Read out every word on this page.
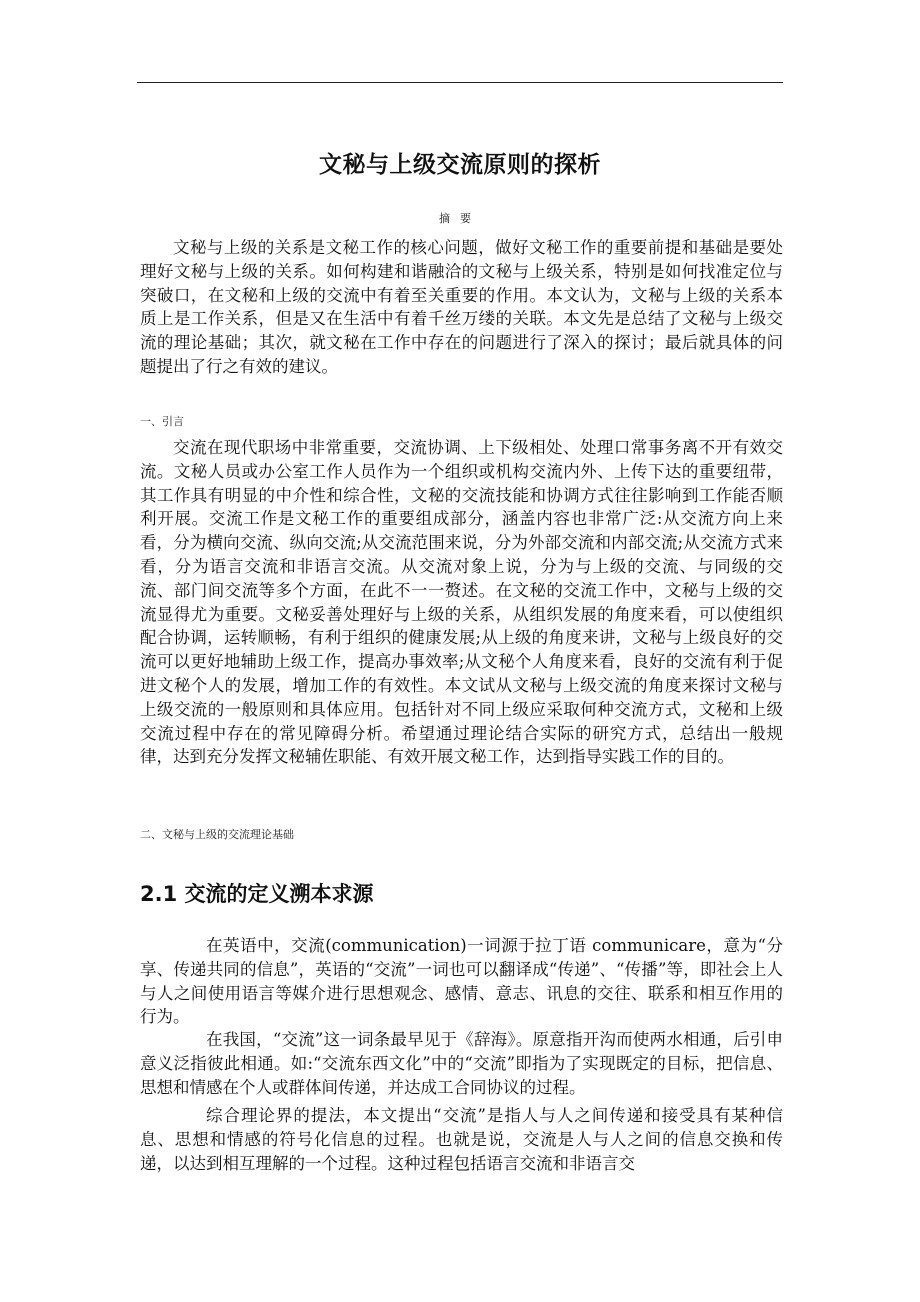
文秘与上级交流原则的探析
摘要

文秘与上级的关系是文秘工作的核心问题，做好文秘工作的重要前提和基础是要处理好文秘与上级的关系。如何构建和谐融洽的文秘与上级关系，特别是如何找准定位与突破口，在文秘和上级的交流中有着至关重要的作用。本文认为，文秘与上级的关系本质上是工作关系，但是又在生活中有着千丝万缕的关联。本文先是总结了文秘与上级交流的理论基础；其次，就文秘在工作中存在的问题进行了深入的探讨；最后就具体的问题提出了行之有效的建议。

一、引言

交流在现代职场中非常重要，交流协调、上下级相处、处理口常事务离不开有效交流。文秘人员或办公室工作人员作为一个组织或机构交流内外、上传下达的重要纽带，其工作具有明显的中介性和综合性，文秘的交流技能和协调方式往往影响到工作能否顺利开展。交流工作是文秘工作的重要组成部分，涵盖内容也非常广泛:从交流方向上来看，分为横向交流、纵向交流;从交流范围来说，分为外部交流和内部交流;从交流方式来看，分为语言交流和非语言交流。从交流对象上说，分为与上级的交流、与同级的交流、部门间交流等多个方面，在此不一一赘述。在文秘的交流工作中，文秘与上级的交流显得尤为重要。文秘妥善处理好与上级的关系，从组织发展的角度来看，可以使组织配合协调，运转顺畅，有利于组织的健康发展;从上级的角度来讲，文秘与上级良好的交流可以更好地辅助上级工作，提高办事效率;从文秘个人角度来看，良好的交流有利于促进文秘个人的发展，增加工作的有效性。本文试从文秘与上级交流的角度来探讨文秘与上级交流的一般原则和具体应用。包括针对不同上级应采取何种交流方式，文秘和上级交流过程中存在的常见障碍分析。希望通过理论结合实际的研究方式，总结出一般规律，达到充分发挥文秘辅佐职能、有效开展文秘工作，达到指导实践工作的目的。

二、文秘与上级的交流理论基础
2.1 交流的定义溯本求源

在英语中，交流(communication)一词源于拉丁语 communicare，意为“分享、传递共同的信息”，英语的“交流”一词也可以翻译成“传递”、“传播”等，即社会上人与人之间使用语言等媒介进行思想观念、感情、意志、讯息的交往、联系和相互作用的行为。

在我国，“交流”这一词条最早见于《辞海》。原意指开沟而使两水相通，后引申意义泛指彼此相通。如:“交流东西文化”中的“交流”即指为了实现既定的目标，把信息、思想和情感在个人或群体间传递，并达成工合同协议的过程。

综合理论界的提法，本文提出“交流”是指人与人之间传递和接受具有某种信息、思想和情感的符号化信息的过程。也就是说，交流是人与人之间的信息交换和传递，以达到相互理解的一个过程。这种过程包括语言交流和非语言交
